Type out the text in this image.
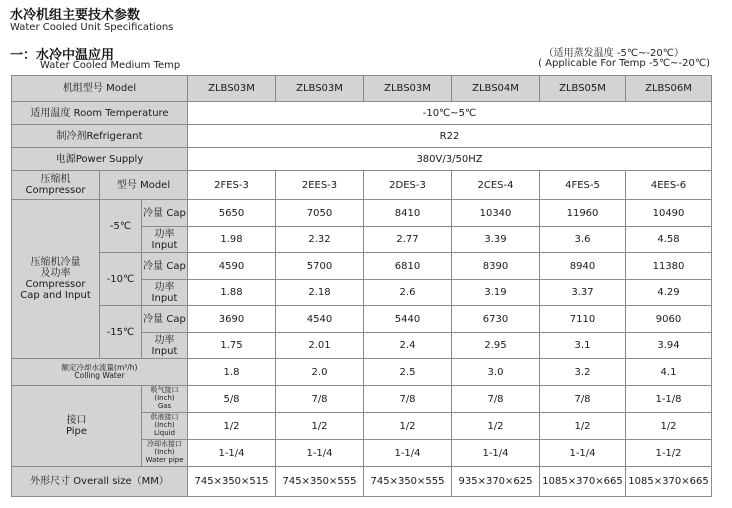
水冷机组主要技术参数
Water Cooled Unit Specifications
一：水冷中温应用
Water Cooled Medium Temp
（适用蒸发温度 -5℃~-20℃）
( Applicable For Temp -5℃~-20℃)
机组型号 Model			ZLBS03M	ZLBS03M	ZLBS03M	ZLBS04M	ZLBS05M	ZLBS06M
适用温度 Room Temperature			-10℃~5℃					
制冷剂Refrigerant			R22					
电源Power Supply			380V/3/50HZ					

压缩机
Compressor	型号 Model		2FES-3	2EES-3	2DES-3	2CES-4	4FES-5	4EES-6

压缩机冷量
及功率
Compressor
Cap and Input	-5℃	冷量 Cap	5650	7050	8410	10340	11960	10490
		功率 Input	1.98	2.32	2.77	3.39	3.6	4.58
	-10℃	冷量 Cap	4590	5700	6810	8390	8940	11380
		功率 Input	1.88	2.18	2.6	3.19	3.37	4.29
	-15℃	冷量 Cap	3690	4540	5440	6730	7110	9060
		功率 Input	1.75	2.01	2.4	2.95	3.1	3.94

额定冷却水流量(m³/h)
Colling Water			1.8	2.0	2.5	3.0	3.2	4.1

接口
Pipe		吸气接口(Inch)
Gas	5/8	7/8	7/8	7/8	7/8	1-1/8

		供液接口(Inch)
Liquid	1/2	1/2	1/2	1/2	1/2	1/2

		冷却水接口(Inch)
Water pipe	1-1/4	1-1/4	1-1/4	1-1/4	1-1/4	1-1/2
外形尺寸 Overall size（MM）			745×350×515	745×350×555	745×350×555	935×370×625	1085×370×665	1085×370×665
